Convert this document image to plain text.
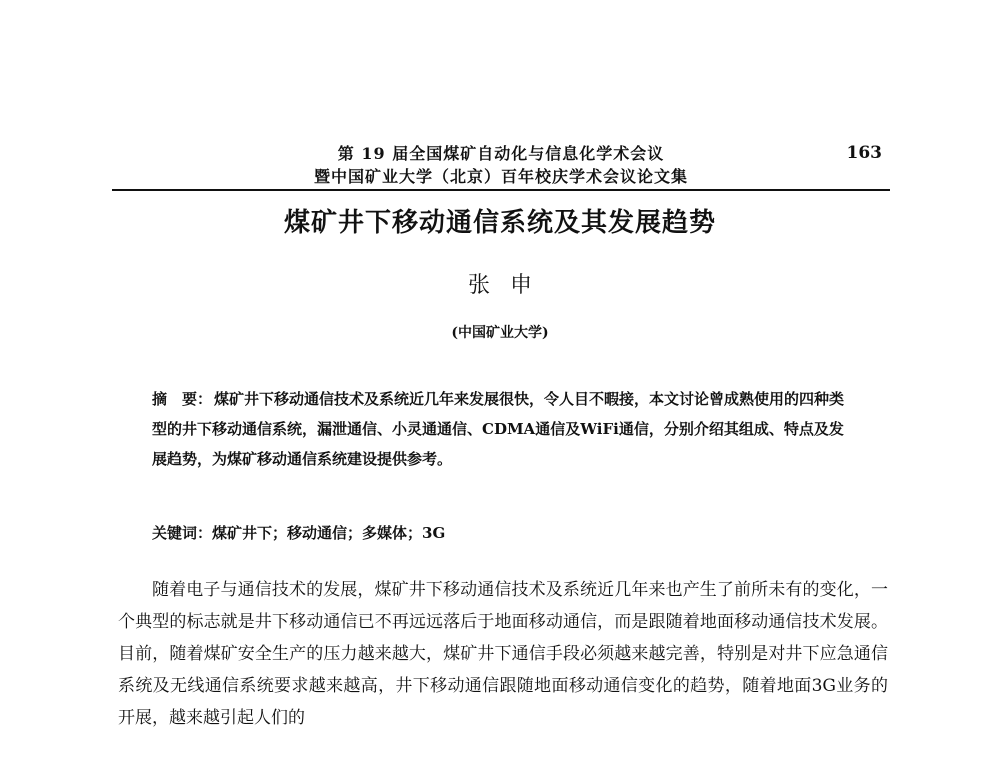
第 19 届全国煤矿自动化与信息化学术会议
暨中国矿业大学（北京）百年校庆学术会议论文集
163
煤矿井下移动通信系统及其发展趋势
张申
(中国矿业大学)

摘　要： 煤矿井下移动通信技术及系统近几年来发展很快，令人目不暇接，本文讨论曾成熟使用的四种类型的井下移动通信系统，漏泄通信、小灵通通信、CDMA通信及WiFi通信，分别介绍其组成、特点及发展趋势，为煤矿移动通信系统建设提供参考。

关键词：煤矿井下；移动通信；多媒体；3G

随着电子与通信技术的发展，煤矿井下移动通信技术及系统近几年来也产生了前所未有的变化，一个典型的标志就是井下移动通信已不再远远落后于地面移动通信，而是跟随着地面移动通信技术发展。目前，随着煤矿安全生产的压力越来越大，煤矿井下通信手段必须越来越完善，特别是对井下应急通信系统及无线通信系统要求越来越高，井下移动通信跟随地面移动通信变化的趋势，随着地面3G业务的开展，越来越引起人们的
